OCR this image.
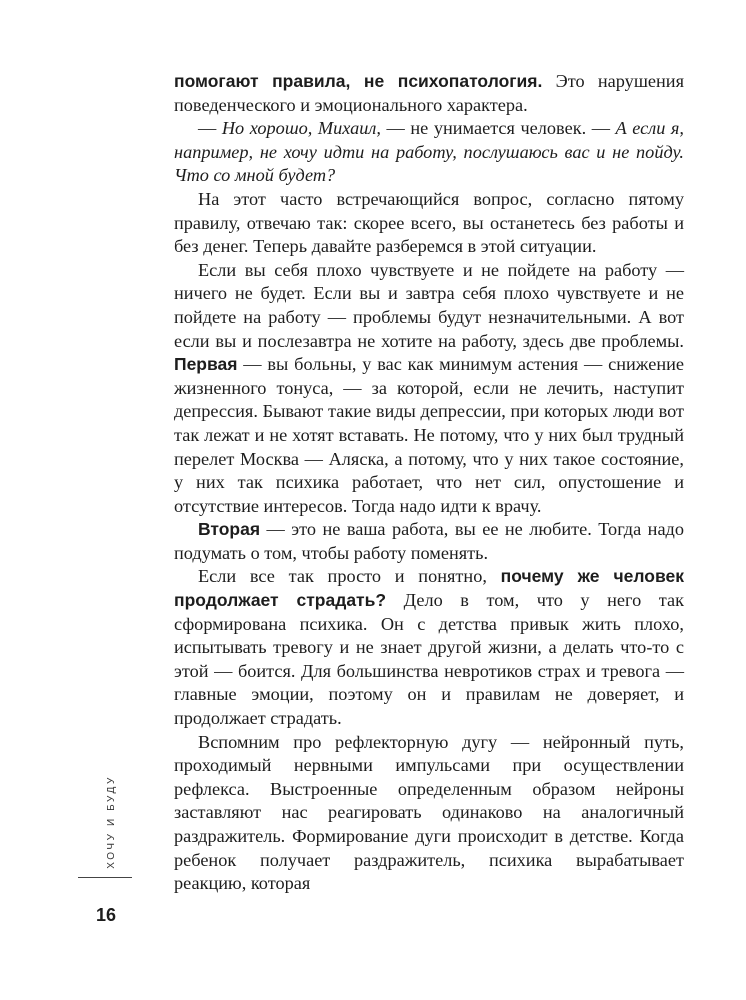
помогают правила, не психопатология. Это нарушения поведенческого и эмоционального характера.

— Но хорошо, Михаил, — не унимается человек. — А если я, например, не хочу идти на работу, послушаюсь вас и не пойду. Что со мной будет?

На этот часто встречающийся вопрос, согласно пятому правилу, отвечаю так: скорее всего, вы останетесь без работы и без денег. Теперь давайте разберемся в этой ситуации.

Если вы себя плохо чувствуете и не пойдете на работу — ничего не будет. Если вы и завтра себя плохо чувствуете и не пойдете на работу — проблемы будут незначительными. А вот если вы и послезавтра не хотите на работу, здесь две проблемы. Первая — вы больны, у вас как минимум астения — снижение жизненного тонуса, — за которой, если не лечить, наступит депрессия. Бывают такие виды депрессии, при которых люди вот так лежат и не хотят вставать. Не потому, что у них был трудный перелет Москва — Аляска, а потому, что у них такое состояние, у них так психика работает, что нет сил, опустошение и отсутствие интересов. Тогда надо идти к врачу.

Вторая — это не ваша работа, вы ее не любите. Тогда надо подумать о том, чтобы работу поменять.

Если все так просто и понятно, почему же человек продолжает страдать? Дело в том, что у него так сформирована психика. Он с детства привык жить плохо, испытывать тревогу и не знает другой жизни, а делать что-то с этой — боится. Для большинства невротиков страх и тревога — главные эмоции, поэтому он и правилам не доверяет, и продолжает страдать.

Вспомним про рефлекторную дугу — нейронный путь, проходимый нервными импульсами при осуществлении рефлекса. Выстроенные определенным образом нейроны заставляют нас реагировать одинаково на аналогичный раздражитель. Формирование дуги происходит в детстве. Когда ребенок получает раздражитель, психика вырабатывает реакцию, которая

ХОЧУ И БУДУ
16
